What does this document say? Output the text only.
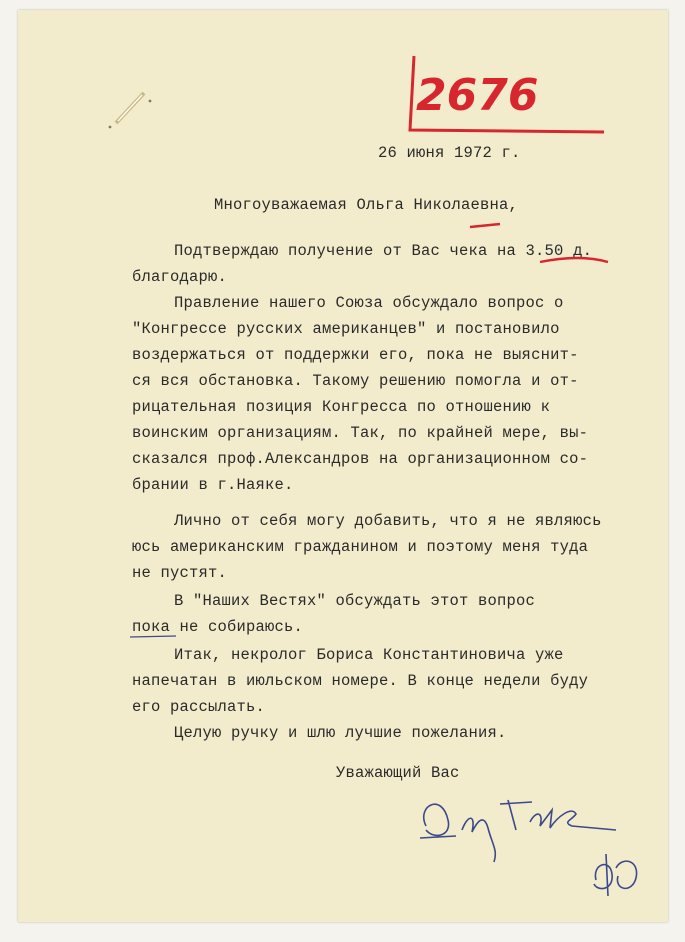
2676
26 июня 1972 г.
Многоуважаемая Ольга Николаевна,
Подтверждаю получение от Вас чека на 3.50 д.
благодарю.
Правление нашего Союза обсуждало вопрос о
"Конгрессе русских американцев" и постановило
воздержаться от поддержки его, пока не выяснит-
ся вся обстановка. Такому решению помогла и от-
рицательная позиция Конгресса по отношению к
воинским организациям. Так, по крайней мере, вы-
сказался проф.Александров на организационном со-
брании в г.Наяке.
Лично от себя могу добавить, что я не являюсь
юсь американским гражданином и поэтому меня туда
не пустят.
В "Наших Вестях" обсуждать этот вопрос
пока не собираюсь.
Итак, некролог Бориса Константиновича уже
напечатан в июльском номере. В конце недели буду
его рассылать.
Целую ручку и шлю лучшие пожелания.
Уважающий Вас
